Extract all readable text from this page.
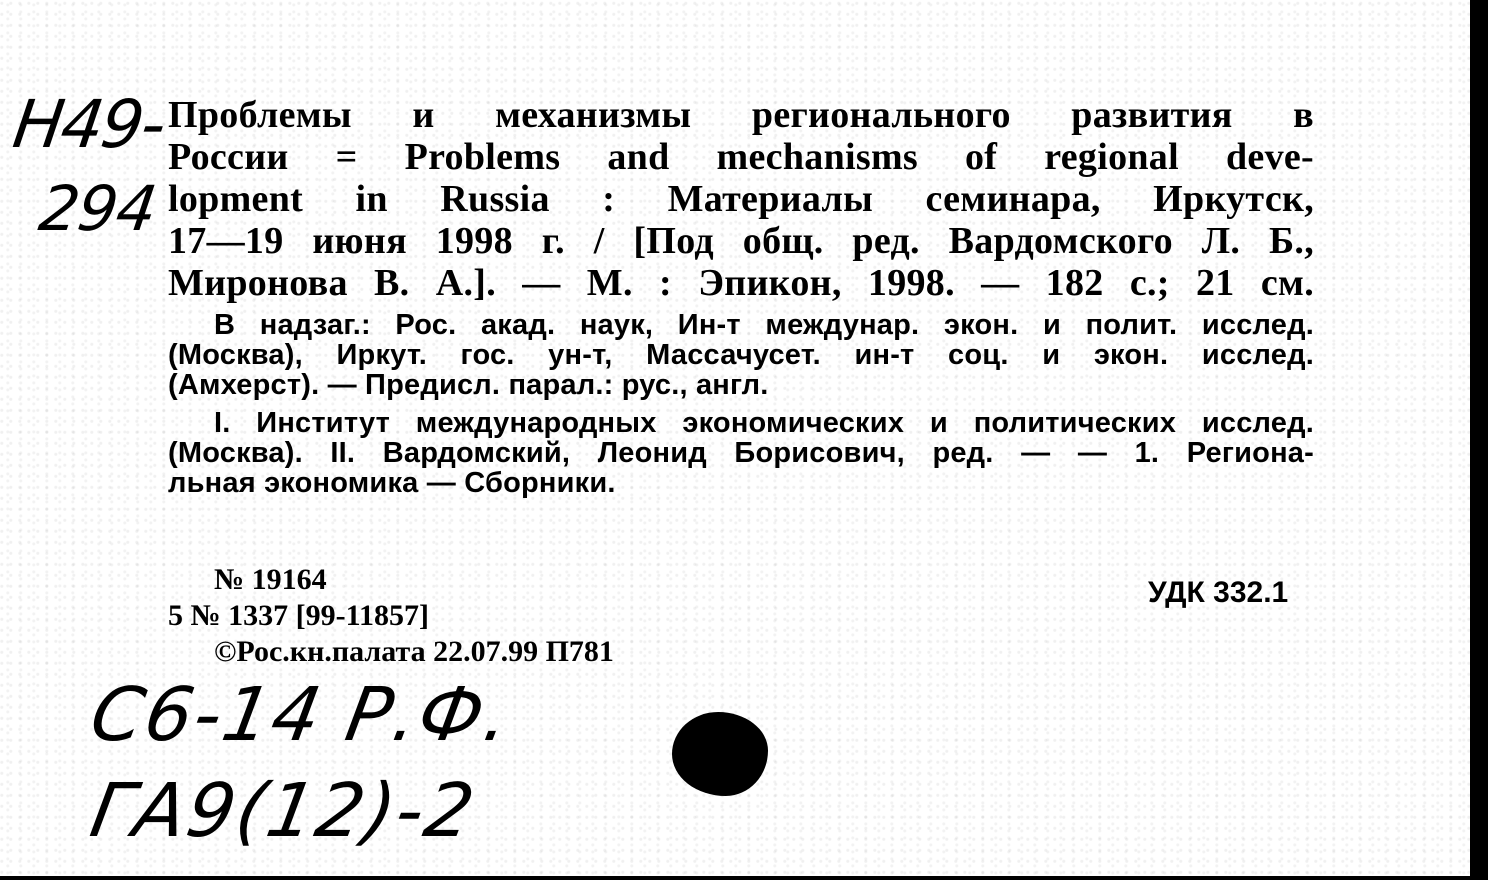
Н49-
294
Проблемы и механизмы регионального развития в
России = Problems and mechanisms of regional deve-
lopment in Russia : Материалы семинара, Иркутск,
17—19 июня 1998 г. / [Под общ. ред. Вардомского Л. Б.,
Миронова В. А.]. — М. : Эпикон, 1998. — 182 с.; 21 см.
В надзаг.: Рос. акад. наук, Ин-т междунар. экон. и полит. исслед.
(Москва), Иркут. гос. ун-т, Массачусет. ин-т соц. и экон. исслед.
(Амхерст). — Предисл. парал.: рус., англ.
I. Институт международных экономических и политических исслед.
(Москва). II. Вардомский, Леонид Борисович, ред. — — 1. Региона-
льная экономика — Сборники.
№ 19164
5 № 1337 [99-11857]
©Рос.кн.палата 22.07.99 П781
УДК 332.1
С6-14 Р.Ф.
ГА9(12)-2
